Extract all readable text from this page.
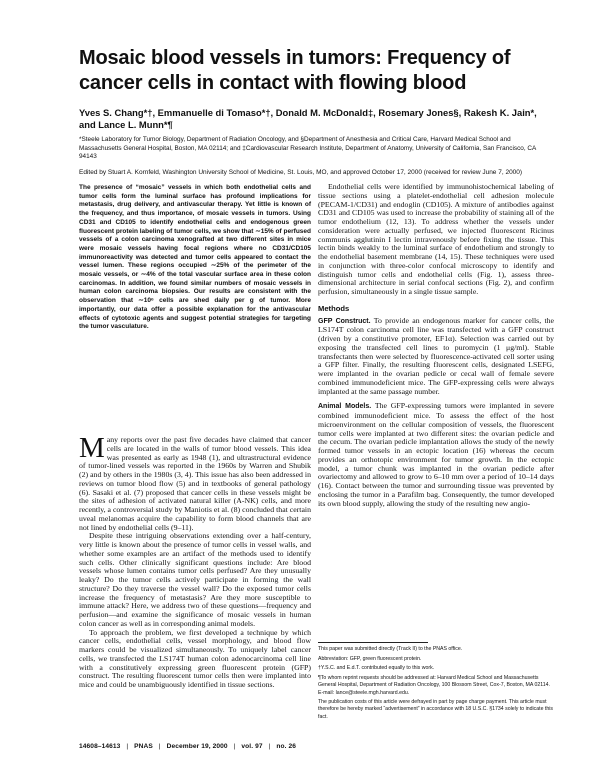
Mosaic blood vessels in tumors: Frequency of cancer cells in contact with flowing blood
Yves S. Chang*†, Emmanuelle di Tomaso*†, Donald M. McDonald‡, Rosemary Jones§, Rakesh K. Jain*, and Lance L. Munn*¶
*Steele Laboratory for Tumor Biology, Department of Radiation Oncology, and §Department of Anesthesia and Critical Care, Harvard Medical School and Massachusetts General Hospital, Boston, MA 02114; and ‡Cardiovascular Research Institute, Department of Anatomy, University of California, San Francisco, CA 94143
Edited by Stuart A. Kornfeld, Washington University School of Medicine, St. Louis, MO, and approved October 17, 2000 (received for review June 7, 2000)
The presence of “mosaic” vessels in which both endothelial cells and tumor cells form the luminal surface has profound implications for metastasis, drug delivery, and antivascular therapy. Yet little is known of the frequency, and thus importance, of mosaic vessels in tumors. Using CD31 and CD105 to identify endothelial cells and endogenous green fluorescent protein labeling of tumor cells, we show that ∼15% of perfused vessels of a colon carcinoma xenografted at two different sites in mice were mosaic vessels having focal regions where no CD31/CD105 immunoreactivity was detected and tumor cells appeared to contact the vessel lumen. These regions occupied ∼25% of the perimeter of the mosaic vessels, or ∼4% of the total vascular surface area in these colon carcinomas. In addition, we found similar numbers of mosaic vessels in human colon carcinoma biopsies. Our results are consistent with the observation that ∼10⁶ cells are shed daily per g of tumor. More importantly, our data offer a possible explanation for the antivascular effects of cytotoxic agents and suggest potential strategies for targeting the tumor vasculature.
M any reports over the past five decades have claimed that cancer cells are located in the walls of tumor blood vessels. This idea was presented as early as 1948 (1), and ultrastructural evidence of tumor-lined vessels was reported in the 1960s by Warren and Shubik (2) and by others in the 1980s (3, 4). This issue has also been addressed in reviews on tumor blood flow (5) and in textbooks of general pathology (6). Sasaki et al. (7) proposed that cancer cells in these vessels might be the sites of adhesion of activated natural killer (A-NK) cells, and more recently, a controversial study by Maniotis et al. (8) concluded that certain uveal melanomas acquire the capability to form blood channels that are not lined by endothelial cells (9–11).

Despite these intriguing observations extending over a half-century, very little is known about the presence of tumor cells in vessel walls, and whether some examples are an artifact of the methods used to identify such cells. Other clinically significant questions include: Are blood vessels whose lumen contains tumor cells perfused? Are they unusually leaky? Do the tumor cells actively participate in forming the wall structure? Do they traverse the vessel wall? Do the exposed tumor cells increase the frequency of metastasis? Are they more susceptible to immune attack? Here, we address two of these questions—frequency and perfusion—and examine the significance of mosaic vessels in human colon cancer as well as in corresponding animal models.

To approach the problem, we first developed a technique by which cancer cells, endothelial cells, vessel morphology, and blood flow markers could be visualized simultaneously. To uniquely label cancer cells, we transfected the LS174T human colon adenocarcinoma cell line with a constitutively expressing green fluorescent protein (GFP) construct. The resulting fluorescent tumor cells then were implanted into mice and could be unambiguously identified in tissue sections.

Endothelial cells were identified by immunohistochemical labeling of tissue sections using a platelet-endothelial cell adhesion molecule (PECAM-1/CD31) and endoglin (CD105). A mixture of antibodies against CD31 and CD105 was used to increase the probability of staining all of the tumor endothelium (12, 13). To address whether the vessels under consideration were actually perfused, we injected fluorescent Ricinus communis agglutinin I lectin intravenously before fixing the tissue. This lectin binds weakly to the luminal surface of endothelium and strongly to the endothelial basement membrane (14, 15). These techniques were used in conjunction with three-color confocal microscopy to identify and distinguish tumor cells and endothelial cells (Fig. 1), assess three-dimensional architecture in serial confocal sections (Fig. 2), and confirm perfusion, simultaneously in a single tissue sample.

Methods

GFP Construct. To provide an endogenous marker for cancer cells, the LS174T colon carcinoma cell line was transfected with a GFP construct (driven by a constitutive promoter, EF1α). Selection was carried out by exposing the transfected cell lines to puromycin (1 μg/ml). Stable transfectants then were selected by fluorescence-activated cell sorter using a GFP filter. Finally, the resulting fluorescent cells, designated LSEFG, were implanted in the ovarian pedicle or cecal wall of female severe combined immunodeficient mice. The GFP-expressing cells were always implanted at the same passage number.

Animal Models. The GFP-expressing tumors were implanted in severe combined immunodeficient mice. To assess the effect of the host microenvironment on the cellular composition of vessels, the fluorescent tumor cells were implanted at two different sites: the ovarian pedicle and the cecum. The ovarian pedicle implantation allows the study of the newly formed tumor vessels in an ectopic location (16) whereas the cecum provides an orthotopic environment for tumor growth. In the ectopic model, a tumor chunk was implanted in the ovarian pedicle after ovariectomy and allowed to grow to 6–10 mm over a period of 10–14 days (16). Contact between the tumor and surrounding tissue was prevented by enclosing the tumor in a Parafilm bag. Consequently, the tumor developed its own blood supply, allowing the study of the resulting new angio-

This paper was submitted directly (Track II) to the PNAS office.

Abbreviation: GFP, green fluorescent protein.

†Y.S.C. and E.d.T. contributed equally to this work.

¶To whom reprint requests should be addressed at: Harvard Medical School and Massachusetts General Hospital, Department of Radiation Oncology, 100 Blossom Street, Cox-7, Boston, MA 02114. E-mail: lance@steele.mgh.harvard.edu.

The publication costs of this article were defrayed in part by page charge payment. This article must therefore be hereby marked “advertisement” in accordance with 18 U.S.C. §1734 solely to indicate this fact.

14608–14613 | PNAS | December 19, 2000 | vol. 97 | no. 26
